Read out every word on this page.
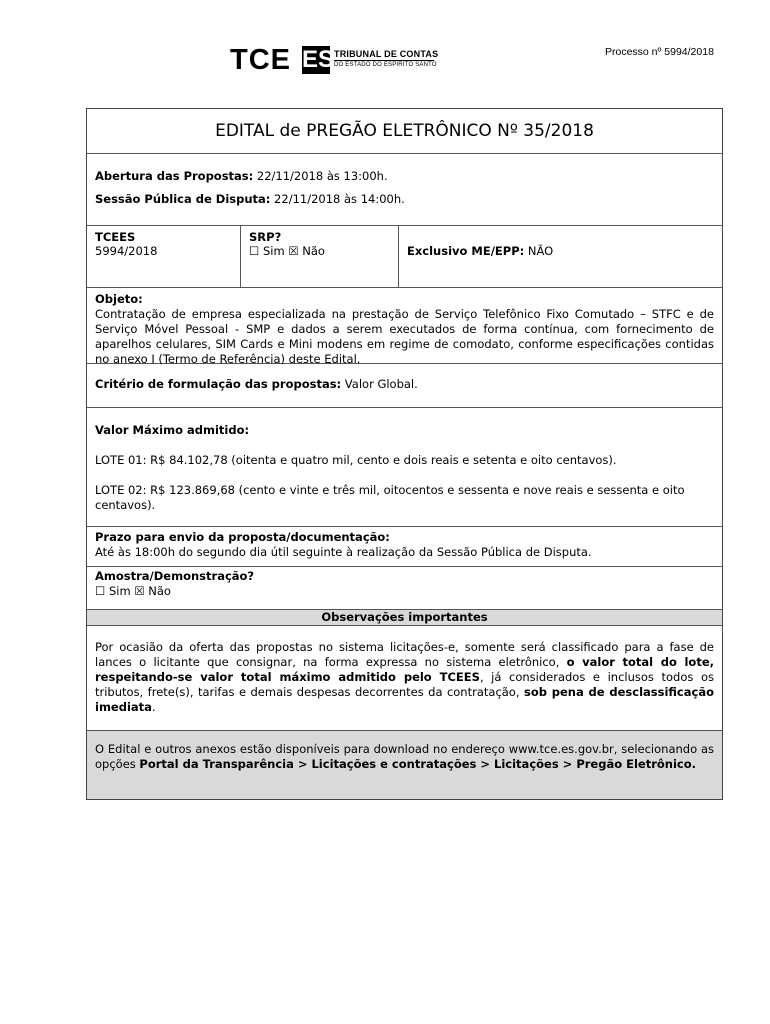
TCE ES TRIBUNAL DE CONTAS
DO ESTADO DO ESPÍRITO SANTO
Processo nº 5994/2018
EDITAL de PREGÃO ELETRÔNICO Nº 35/2018
Abertura das Propostas: 22/11/2018 às 13:00h.
Sessão Pública de Disputa: 22/11/2018 às 14:00h.
TCEES
5994/2018
SRP?
☐ Sim ☒ Não	Exclusivo ME/EPP: NÃO
Objeto:
Contratação de empresa especializada na prestação de Serviço Telefônico Fixo Comutado – STFC e de Serviço Móvel Pessoal - SMP e dados a serem executados de forma contínua, com fornecimento de aparelhos celulares, SIM Cards e Mini modens em regime de comodato, conforme especificações contidas no anexo I (Termo de Referência) deste Edital.
Critério de formulação das propostas: Valor Global.
Valor Máximo admitido:
LOTE 01: R$ 84.102,78 (oitenta e quatro mil, cento e dois reais e setenta e oito centavos).
LOTE 02: R$ 123.869,68 (cento e vinte e três mil, oitocentos e sessenta e nove reais e sessenta e oito centavos).
Prazo para envio da proposta/documentação:
Até às 18:00h do segundo dia útil seguinte à realização da Sessão Pública de Disputa.
Amostra/Demonstração?
☐ Sim ☒ Não
Observações importantes
Por ocasião da oferta das propostas no sistema licitações-e, somente será classificado para a fase de lances o licitante que consignar, na forma expressa no sistema eletrônico, o valor total do lote, respeitando-se valor total máximo admitido pelo TCEES, já considerados e inclusos todos os tributos, frete(s), tarifas e demais despesas decorrentes da contratação, sob pena de desclassificação imediata.
O Edital e outros anexos estão disponíveis para download no endereço www.tce.es.gov.br, selecionando as opções Portal da Transparência > Licitações e contratações > Licitações > Pregão Eletrônico.
